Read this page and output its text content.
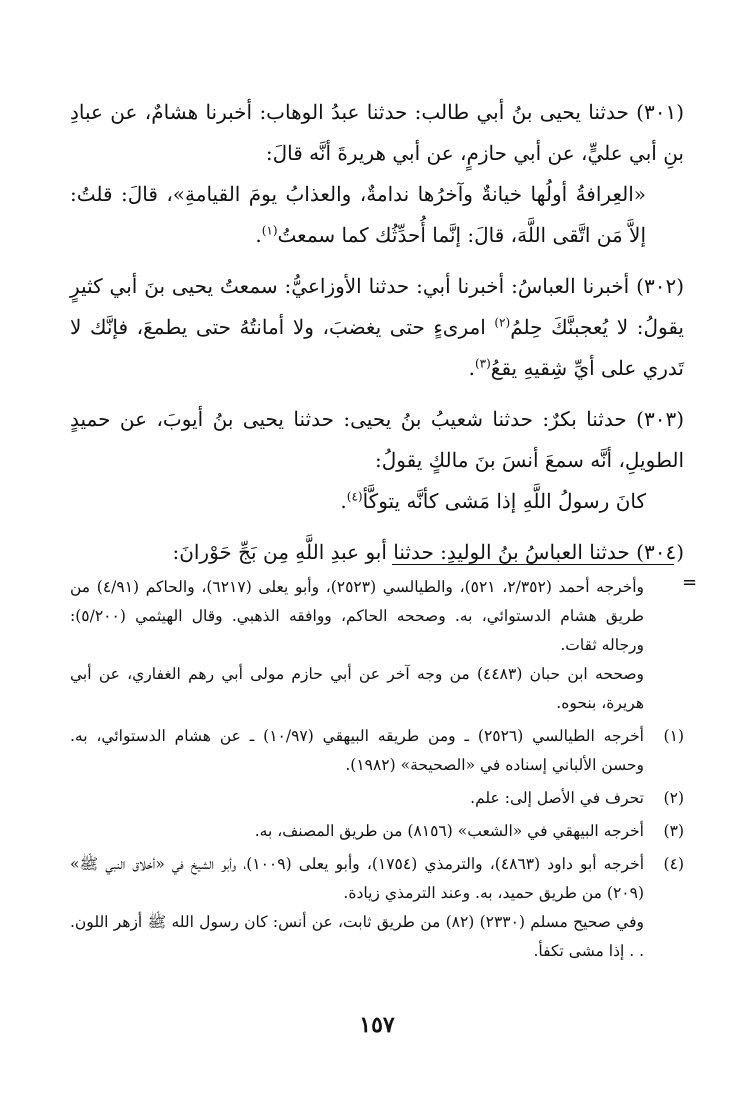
(٣٠١) حدثنا يحيى بنُ أبي طالب: حدثنا عبدُ الوهاب: أخبرنا هشامٌ، عن عبادِ بنِ أبي عليٍّ، عن أبي حازمٍ، عن أبي هريرةَ أنَّه قالَ:

«العِرافةُ أولُها خيانةٌ وآخرُها ندامةٌ، والعذابُ يومَ القيامةِ»، قالَ: قلتُ: إلاَّ مَن اتَّقى اللَّهَ، قالَ: إنَّما أُحدِّثُك كما سمعتُ$^{(١)}$.

(٣٠٢) أخبرنا العباسُ: أخبرنا أبي: حدثنا الأوزاعيُّ: سمعتُ يحيى بنَ أبي كثيرٍ يقولُ: لا يُعجبنَّكَ حِلمُ$^{(٢)}$ امرىءٍ حتى يغضبَ، ولا أمانتُهُ حتى يطمعَ، فإنَّك لا تَدري على أيِّ شِقيهِ يقعُ$^{(٣)}$.

(٣٠٣) حدثنا بكرٌ: حدثنا شعيبُ بنُ يحيى: حدثنا يحيى بنُ أيوبَ، عن حميدٍ الطويلِ، أنَّه سمعَ أنسَ بنَ مالكٍ يقولُ:

كانَ رسولُ اللَّهِ إذا مَشى كأنَّه يتوكَّأ$^{(٤)}$.

(٣٠٤) حدثنا العباسُ بنُ الوليدِ: حدثنا أبو عبدِ اللَّهِ مِن بَجِّ حَوْرانَ:

=

وأخرجه أحمد (٢/٣٥٢، ٥٢١)، والطيالسي (٢٥٢٣)، وأبو يعلى (٦٢١٧)، والحاكم (٤/٩١) من طريق هشام الدستوائي، به. وصححه الحاكم، ووافقه الذهبي. وقال الهيثمي (٥/٢٠٠): ورجاله ثقات.

وصححه ابن حبان (٤٤٨٣) من وجه آخر عن أبي حازم مولى أبي رهم الغفاري، عن أبي هريرة، بنحوه.

(١)
أخرجه الطيالسي (٢٥٢٦) ـ ومن طريقه البيهقي (١٠/٩٧) ـ عن هشام الدستوائي، به. وحسن الألباني إسناده في «الصحيحة» (١٩٨٢).
(٢)
تحرف في الأصل إلى: علم.
(٣)
أخرجه البيهقي في «الشعب» (٨١٥٦) من طريق المصنف، به.
(٤)
أخرجه أبو داود (٤٨٦٣)، والترمذي (١٧٥٤)، وأبو يعلى (١٠٠٩)، وأبو الشيخ في «أخلاق النبي ﷺ» (٢٠٩) من طريق حميد، به. وعند الترمذي زيادة.

وفي صحيح مسلم (٢٣٣٠) (٨٢) من طريق ثابت، عن أنس: كان رسول الله ﷺ أزهر اللون. . . إذا مشى تكفأ.

١٥٧
